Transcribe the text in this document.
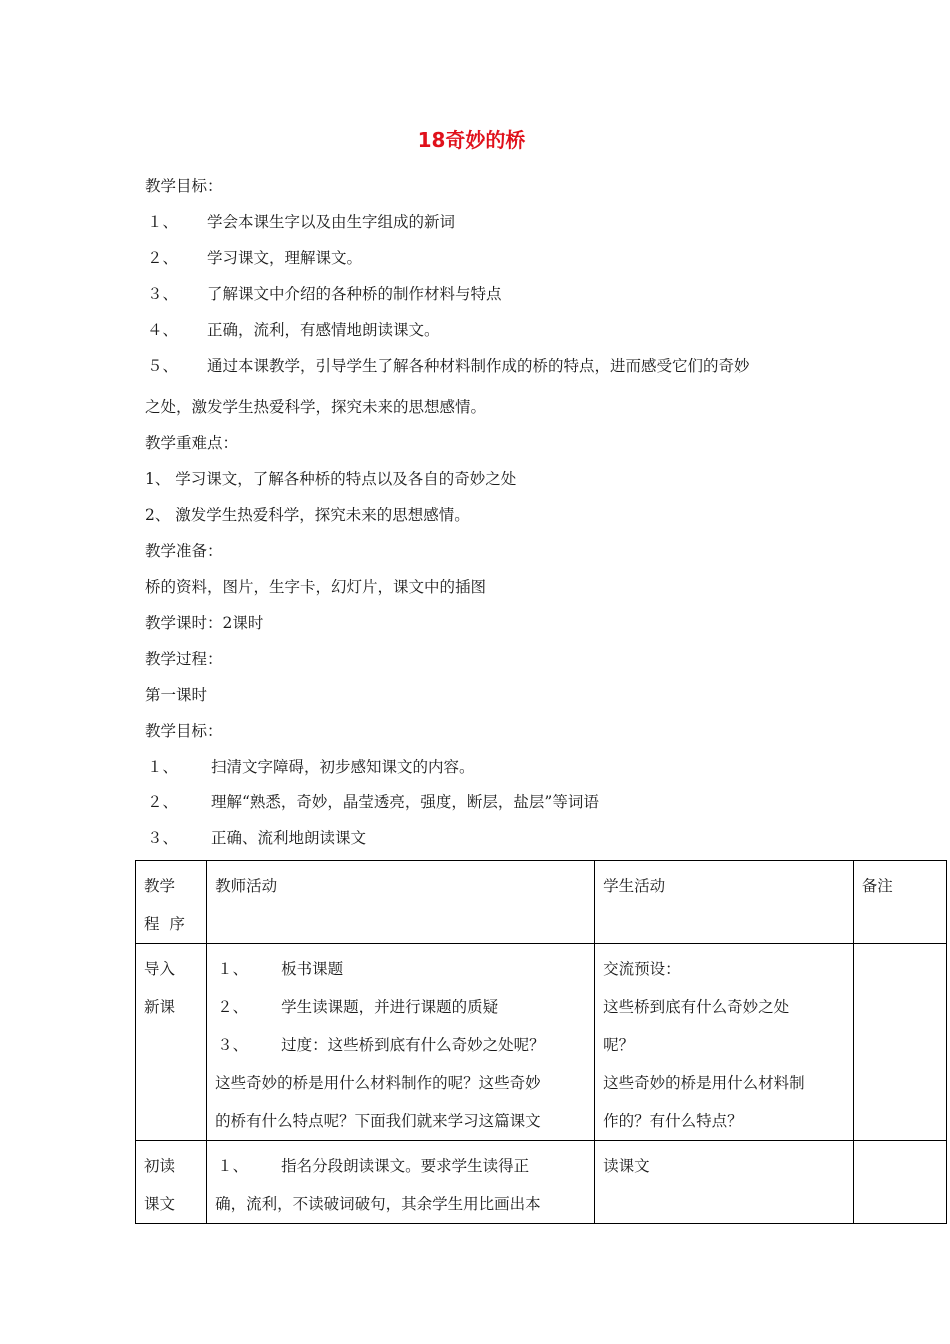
18奇妙的桥
教学目标：
１、 学会本课生字以及由生字组成的新词
２、 学习课文，理解课文。
３、 了解课文中介绍的各种桥的制作材料与特点
４、 正确，流利，有感情地朗读课文。
５、 通过本课教学，引导学生了解各种材料制作成的桥的特点，进而感受它们的奇妙
之处，激发学生热爱科学，探究未来的思想感情。
教学重难点：
1、 学习课文，了解各种桥的特点以及各自的奇妙之处
2、 激发学生热爱科学，探究未来的思想感情。
教学准备：
桥的资料，图片，生字卡，幻灯片，课文中的插图
教学课时：2课时
教学过程：
第一课时
教学目标：
１、 扫清文字障碍，初步感知课文的内容。
２、 理解“熟悉，奇妙，晶莹透亮，强度，断层，盐层”等词语
３、 正确、流利地朗读课文
教学
程  序	教师活动	学生活动	备注

导入
新课	１、 板书课题
２、 学生读课题，并进行课题的质疑
３、 过度：这些桥到底有什么奇妙之处呢？
这些奇妙的桥是用什么材料制作的呢？这些奇妙
的桥有什么特点呢？下面我们就来学习这篇课文	交流预设：
这些桥到底有什么奇妙之处
呢？
这些奇妙的桥是用什么材料制
作的？有什么特点？	

初读
课文	１、 指名分段朗读课文。要求学生读得正
确，流利，不读破词破句，其余学生用比画出本	读课文	
